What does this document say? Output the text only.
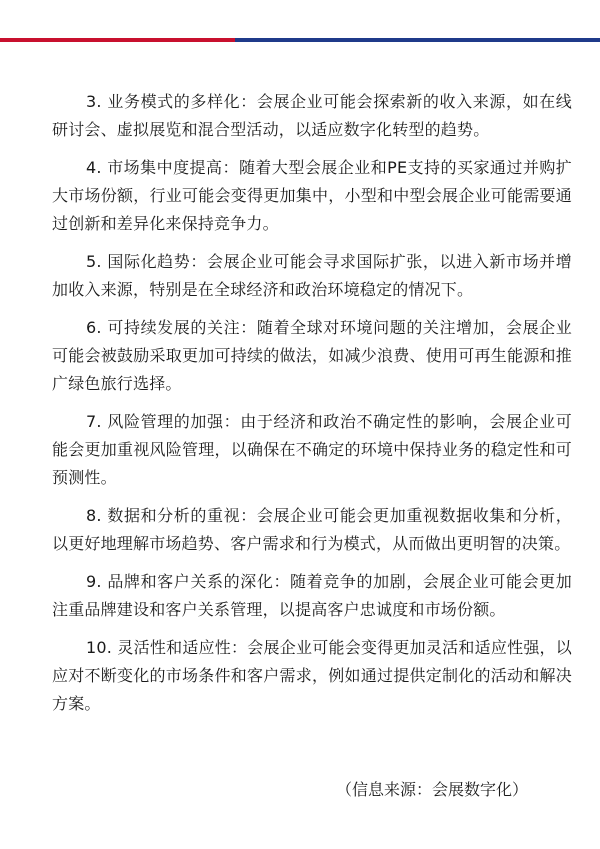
3. 业务模式的多样化：会展企业可能会探索新的收入来源，如在线研讨会、虚拟展览和混合型活动，以适应数字化转型的趋势。

4. 市场集中度提高：随着大型会展企业和PE支持的买家通过并购扩大市场份额，行业可能会变得更加集中，小型和中型会展企业可能需要通过创新和差异化来保持竞争力。

5. 国际化趋势：会展企业可能会寻求国际扩张，以进入新市场并增加收入来源，特别是在全球经济和政治环境稳定的情况下。

6. 可持续发展的关注：随着全球对环境问题的关注增加，会展企业可能会被鼓励采取更加可持续的做法，如减少浪费、使用可再生能源和推广绿色旅行选择。

7. 风险管理的加强：由于经济和政治不确定性的影响，会展企业可能会更加重视风险管理，以确保在不确定的环境中保持业务的稳定性和可预测性。

8. 数据和分析的重视：会展企业可能会更加重视数据收集和分析，以更好地理解市场趋势、客户需求和行为模式，从而做出更明智的决策。

9. 品牌和客户关系的深化：随着竞争的加剧，会展企业可能会更加注重品牌建设和客户关系管理，以提高客户忠诚度和市场份额。

10. 灵活性和适应性：会展企业可能会变得更加灵活和适应性强，以应对不断变化的市场条件和客户需求，例如通过提供定制化的活动和解决方案。

（信息来源：会展数字化）
